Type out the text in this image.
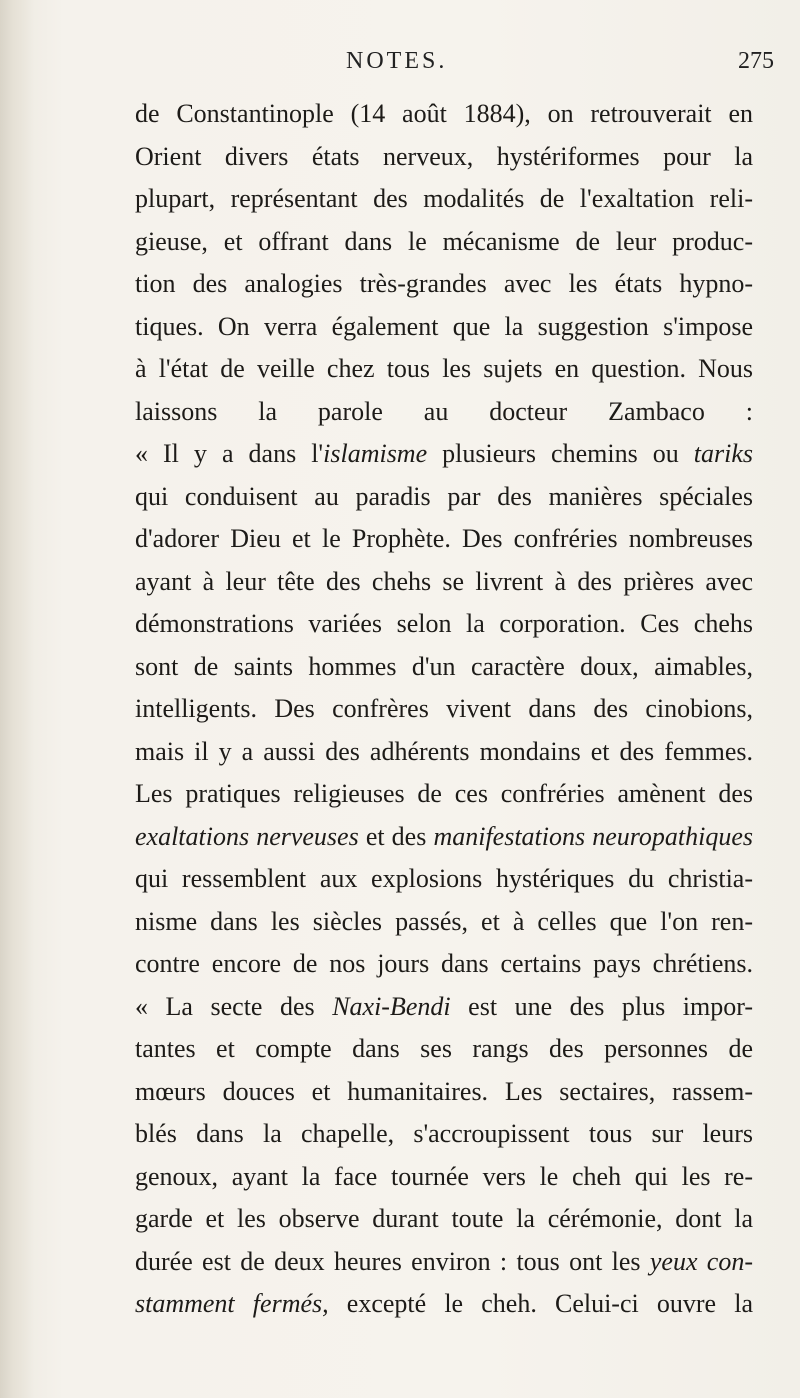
NOTES.	275
de Constantinople (14 août 1884), on retrouverait en
Orient divers états nerveux, hystériformes pour la
plupart, représentant des modalités de l'exaltation reli-
gieuse, et offrant dans le mécanisme de leur produc-
tion des analogies très-grandes avec les états hypno-
tiques. On verra également que la suggestion s'impose
à l'état de veille chez tous les sujets en question. Nous
laissons la parole au docteur Zambaco :
« Il y a dans l'islamisme plusieurs chemins ou tariks
qui conduisent au paradis par des manières spéciales
d'adorer Dieu et le Prophète. Des confréries nombreuses
ayant à leur tête des chehs se livrent à des prières avec
démonstrations variées selon la corporation. Ces chehs
sont de saints hommes d'un caractère doux, aimables,
intelligents. Des confrères vivent dans des cinobions,
mais il y a aussi des adhérents mondains et des femmes.
Les pratiques religieuses de ces confréries amènent des
exaltations nerveuses et des manifestations neuropathiques
qui ressemblent aux explosions hystériques du christia-
nisme dans les siècles passés, et à celles que l'on ren-
contre encore de nos jours dans certains pays chrétiens.
« La secte des Naxi-Bendi est une des plus impor-
tantes et compte dans ses rangs des personnes de
mœurs douces et humanitaires. Les sectaires, rassem-
blés dans la chapelle, s'accroupissent tous sur leurs
genoux, ayant la face tournée vers le cheh qui les re-
garde et les observe durant toute la cérémonie, dont la
durée est de deux heures environ : tous ont les yeux con-
stamment fermés, excepté le cheh. Celui-ci ouvre la
